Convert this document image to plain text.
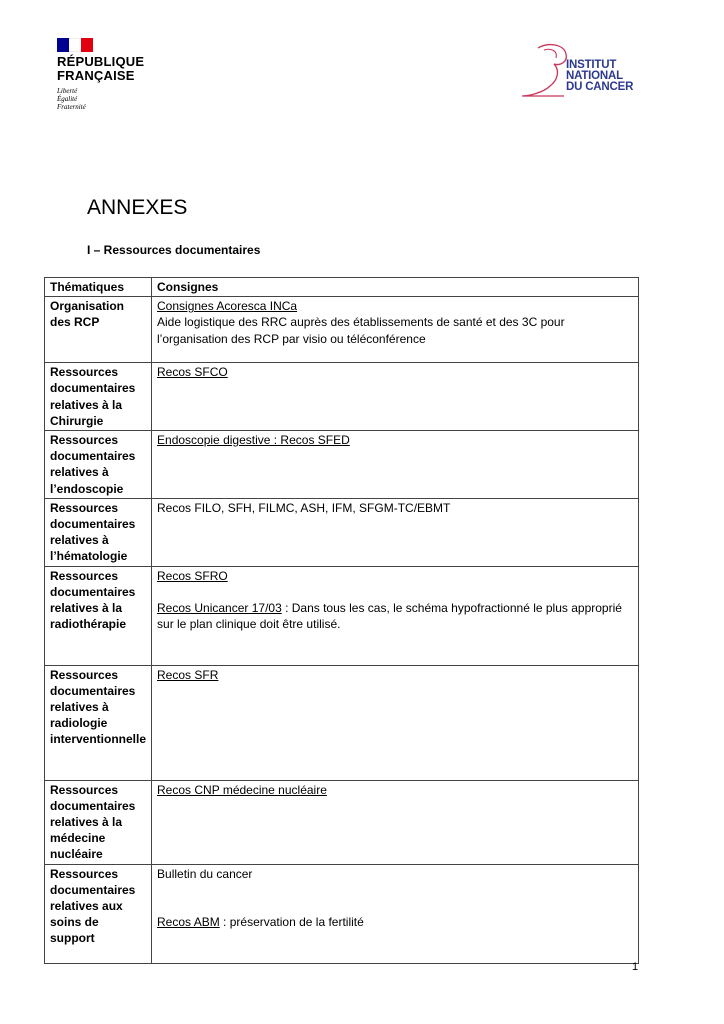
RÉPUBLIQUE
FRANÇAISE
Liberté
Égalité
Fraternité
INSTITUT
NATIONAL
DU CANCER
ANNEXES
I – Ressources documentaires
Thématiques	Consignes
Organisation des RCP	Consignes Acoresca INCa
Aide logistique des RRC auprès des établissements de santé et des 3C pour l’organisation des RCP par visio ou téléconférence

Ressources documentaires relatives à la Chirurgie	Recos SFCO
Ressources documentaires relatives à l’endoscopie	Endoscopie digestive : Recos SFED
Ressources documentaires relatives à l’hématologie	Recos FILO, SFH, FILMC, ASH, IFM, SFGM-TC/EBMT
Ressources documentaires relatives à la radiothérapie	Recos SFRO
Recos Unicancer 17/03 : Dans tous les cas, le schéma hypofractionné le plus approprié sur le plan clinique doit être utilisé.

Ressources documentaires relatives à radiologie interventionnelle	Recos SFR
Ressources documentaires relatives à la médecine nucléaire	Recos CNP médecine nucléaire
Ressources documentaires relatives aux soins de support	Bulletin du cancer
Recos ABM : préservation de la fertilité
1
